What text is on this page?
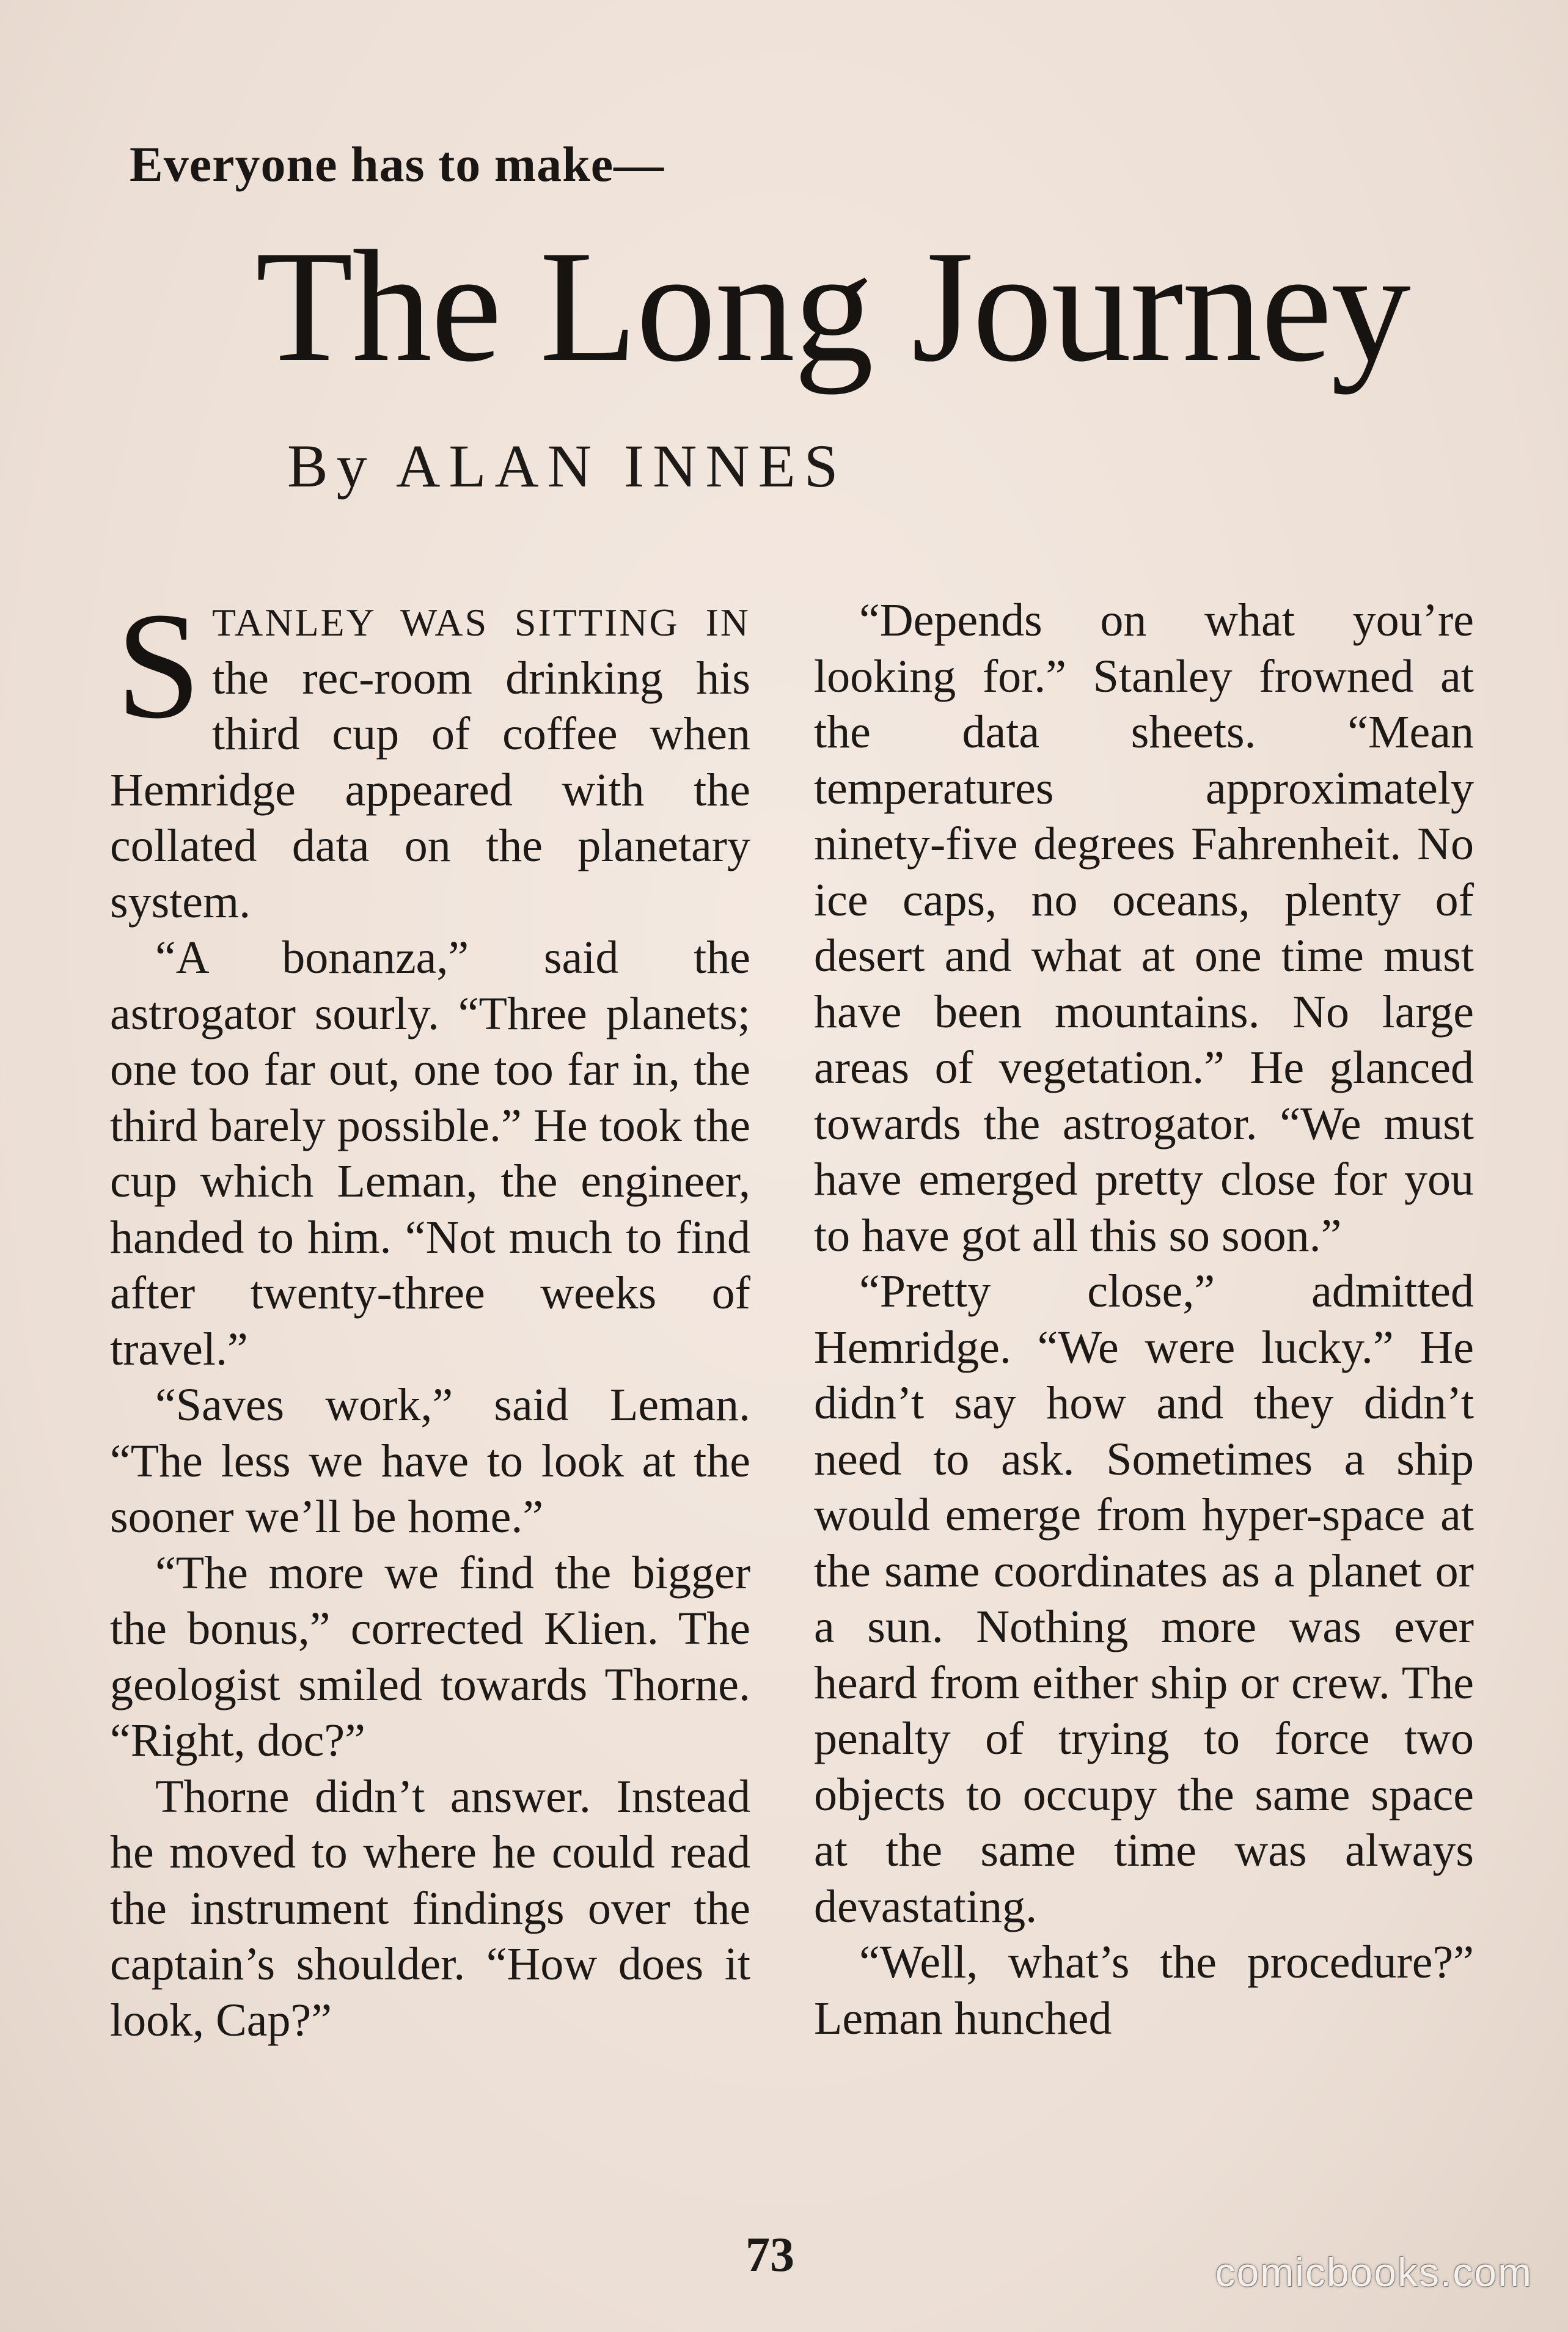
Everyone has to make—
The Long Journey
By ALAN INNES

STANLEY WAS SITTING IN the rec-room drinking his third cup of coffee when Hemridge appeared with the collated data on the planetary system.

“A bonanza,” said the astrogator sourly. “Three planets; one too far out, one too far in, the third barely possible.” He took the cup which Leman, the engineer, handed to him. “Not much to find after twenty-three weeks of travel.”

“Saves work,” said Leman. “The less we have to look at the sooner we’ll be home.”

“The more we find the bigger the bonus,” corrected Klien. The geologist smiled towards Thorne. “Right, doc?”

Thorne didn’t answer. Instead he moved to where he could read the instrument findings over the captain’s shoulder. “How does it look, Cap?”

“Depends on what you’re looking for.” Stanley frowned at the data sheets. “Mean temperatures approximately ninety-five degrees Fahrenheit. No ice caps, no oceans, plenty of desert and what at one time must have been mountains. No large areas of vegetation.” He glanced towards the astrogator. “We must have emerged pretty close for you to have got all this so soon.”

“Pretty close,” admitted Hemridge. “We were lucky.” He didn’t say how and they didn’t need to ask. Sometimes a ship would emerge from hyper-space at the same coordinates as a planet or a sun. Nothing more was ever heard from either ship or crew. The penalty of trying to force two objects to occupy the same space at the same time was always devastating.

“Well, what’s the procedure?” Leman hunched

73	comicbooks.com
